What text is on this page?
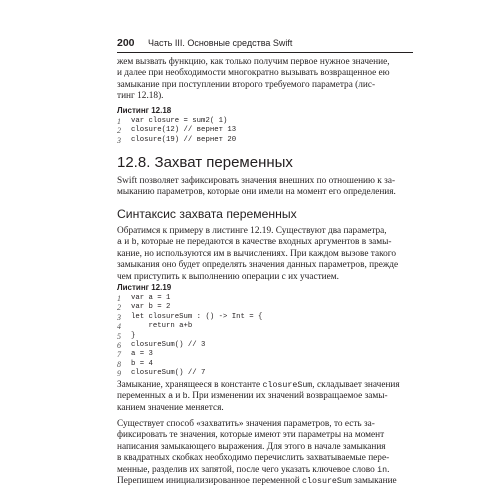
200 Часть III. Основные средства Swift
жем вызвать функцию, как только получим первое нужное значение,
и далее при необходимости многократно вызывать возвращенное ею
замыкание при поступлении второго требуемого параметра (лис-
тинг 12.18).
Листинг 12.18
1	var closure = sum2( 1)
2	closure(12) // вернет 13
3	closure(19) // вернет 20
12.8. Захват переменных
Swift позволяет зафиксировать значения внешних по отношению к за-
мыканию параметров, которые они имели на момент его определения.
Синтаксис захвата переменных
Обратимся к примеру в листинге 12.19. Существуют два параметра,
a и b, которые не передаются в качестве входных аргументов в замы-
кание, но используются им в вычислениях. При каждом вызове такого
замыкания оно будет определять значения данных параметров, прежде
чем приступить к выполнению операции с их участием.
Листинг 12.19
1	var a = 1
2	var b = 2
3	let closureSum : () -> Int = {
4	return a+b
5	}
6	closureSum() // 3
7	a = 3
8	b = 4
9	closureSum() // 7
Замыкание, хранящееся в константе closureSum, складывает значения
переменных a и b. При изменении их значений возвращаемое замы-
канием значение меняется.
Существует способ «захватить» значения параметров, то есть за-
фиксировать те значения, которые имеют эти параметры на момент
написания замыкающего выражения. Для этого в начале замыкания
в квадратных скобках необходимо перечислить захватываемые пере-
менные, разделив их запятой, после чего указать ключевое слово in.
Перепишем инициализированное переменной closureSum замыкание
